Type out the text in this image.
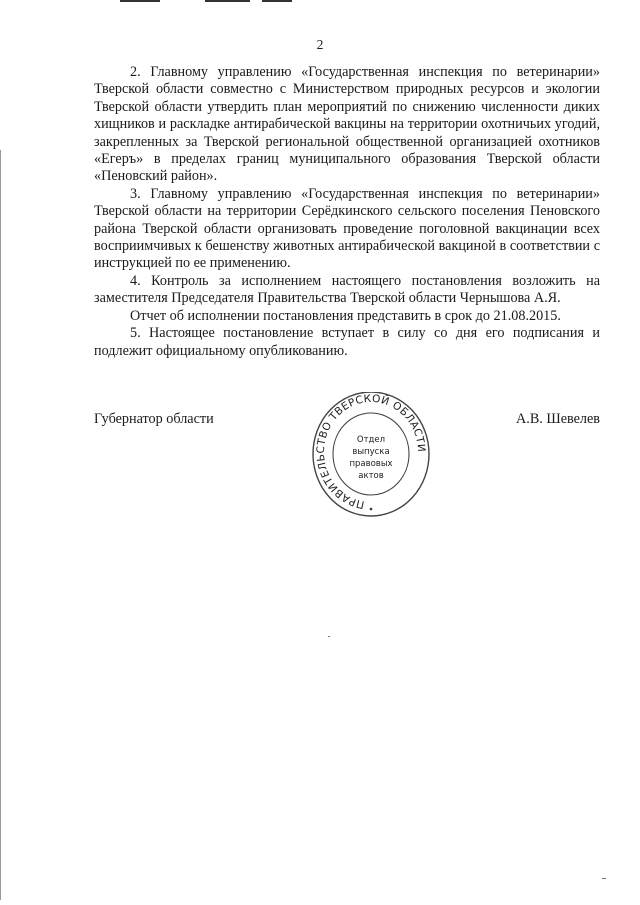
2

2. Главному управлению «Государственная инспекция по ветеринарии» Тверской области совместно с Министерством природных ресурсов и экологии Тверской области утвердить план мероприятий по снижению численности диких хищников и раскладке антирабической вакцины на территории охотничьих угодий, закрепленных за Тверской региональной общественной организацией охотников «Егеръ» в пределах границ муниципального образования Тверской области «Пеновский район».

3. Главному управлению «Государственная инспекция по ветеринарии» Тверской области на территории Серёдкинского сельского поселения Пеновского района Тверской области организовать проведение поголовной вакцинации всех восприимчивых к бешенству животных антирабической вакциной в соответствии с инструкцией по ее применению.

4. Контроль за исполнением настоящего постановления возложить на заместителя Председателя Правительства Тверской области Чернышова А.Я.

Отчет об исполнении постановления представить в срок до 21.08.2015.

5. Настоящее постановление вступает в силу со дня его подписания и подлежит официальному опубликованию.

Губернатор области	А.В. Шевелев
ПРАВИТЕЛЬСТВО ТВЕРСКОЙ ОБЛАСТИ
Отдел
выпуска
правовых
актов
